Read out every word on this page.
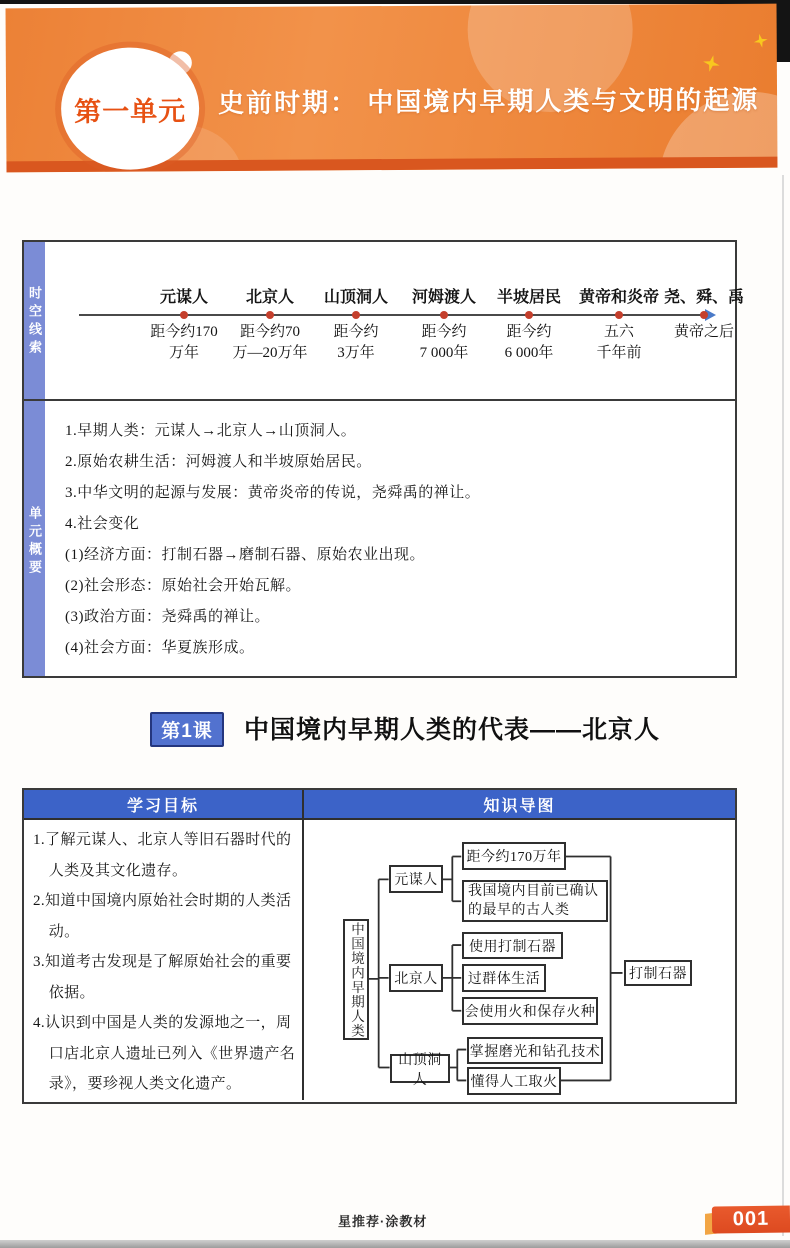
第一单元 史前时期： 中国境内早期人类与文明的起源
时空线索
单元概要
元谋人
距今约170
万年
北京人
距今约70
万—20万年
山顶洞人
距今约
3万年
河姆渡人
距今约
7 000年
半坡居民
距今约
6 000年
黄帝和炎帝
五六
千年前
尧、舜、禹
黄帝之后

1.早期人类：元谋人→北京人→山顶洞人。

2.原始农耕生活：河姆渡人和半坡原始居民。

3.中华文明的起源与发展：黄帝炎帝的传说，尧舜禹的禅让。

4.社会变化

(1)经济方面：打制石器→磨制石器、原始农业出现。

(2)社会形态：原始社会开始瓦解。

(3)政治方面：尧舜禹的禅让。

(4)社会方面：华夏族形成。

第1课	中国境内早期人类的代表——北京人
学习目标	知识导图

1.了解元谋人、北京人等旧石器时代的人类及其文化遗存。

2.知道中国境内原始社会时期的人类活动。

3.知道考古发现是了解原始社会的重要依据。

4.认识到中国是人类的发源地之一，周口店北京人遗址已列入《世界遗产名录》，要珍视人类文化遗产。

中国境内早期人类
元谋人
北京人
山顶洞人
距今约170万年
我国境内目前已确认的最早的古人类
使用打制石器
过群体生活
会使用火和保存火种
掌握磨光和钻孔技术
懂得人工取火
打制石器
星推荐·涂教材	001
